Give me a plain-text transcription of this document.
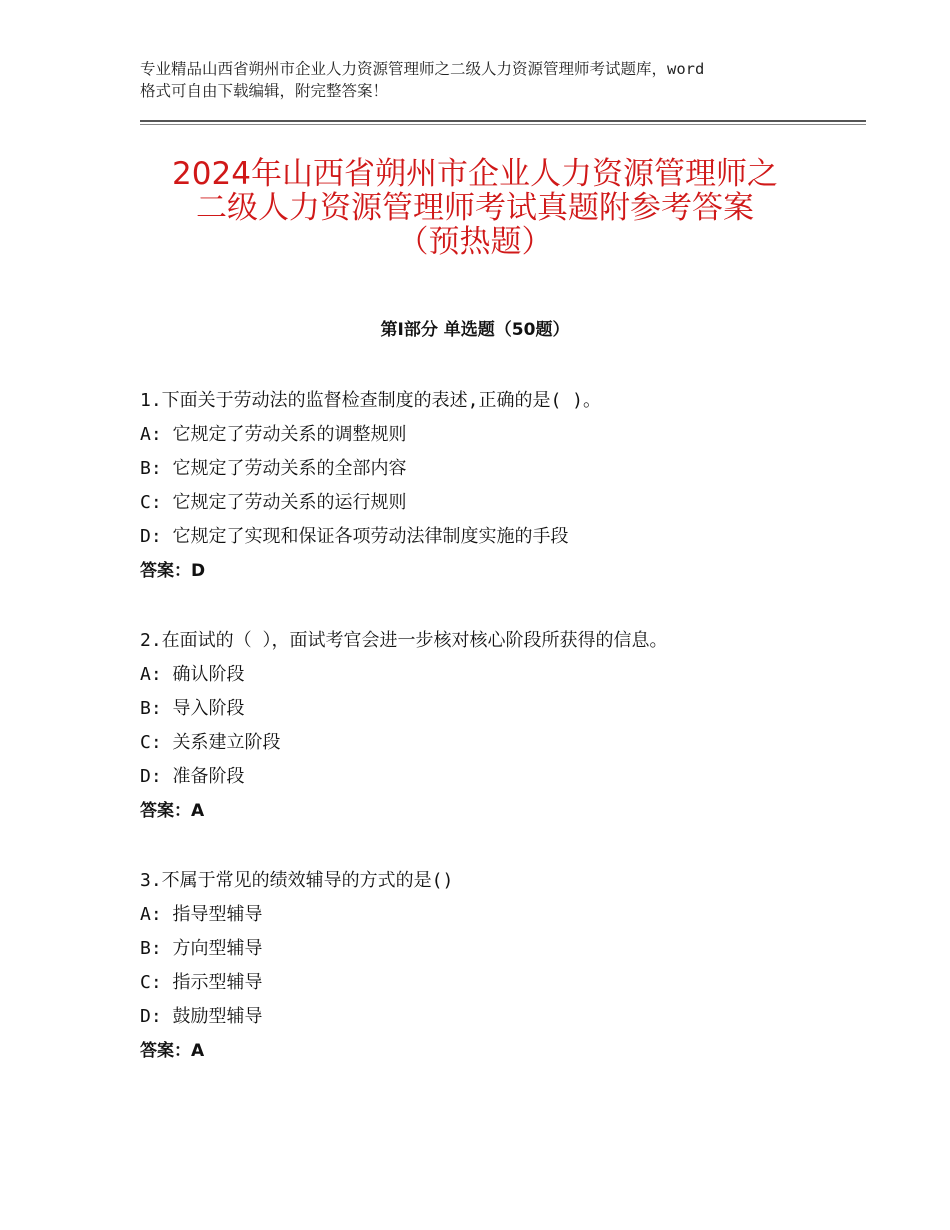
专业精品山西省朔州市企业人力资源管理师之二级人力资源管理师考试题库，word
格式可自由下载编辑，附完整答案！
2024年山西省朔州市企业人力资源管理师之
二级人力资源管理师考试真题附参考答案
（预热题）
第Ⅰ部分 单选题（50题）
1.下面关于劳动法的监督检查制度的表述,正确的是( )。
A: 它规定了劳动关系的调整规则
B: 它规定了劳动关系的全部内容
C: 它规定了劳动关系的运行规则
D: 它规定了实现和保证各项劳动法律制度实施的手段
答案：D
2.在面试的（ ），面试考官会进一步核对核心阶段所获得的信息。
A: 确认阶段
B: 导入阶段
C: 关系建立阶段
D: 准备阶段
答案：A
3.不属于常见的绩效辅导的方式的是()
A: 指导型辅导
B: 方向型辅导
C: 指示型辅导
D: 鼓励型辅导
答案：A
